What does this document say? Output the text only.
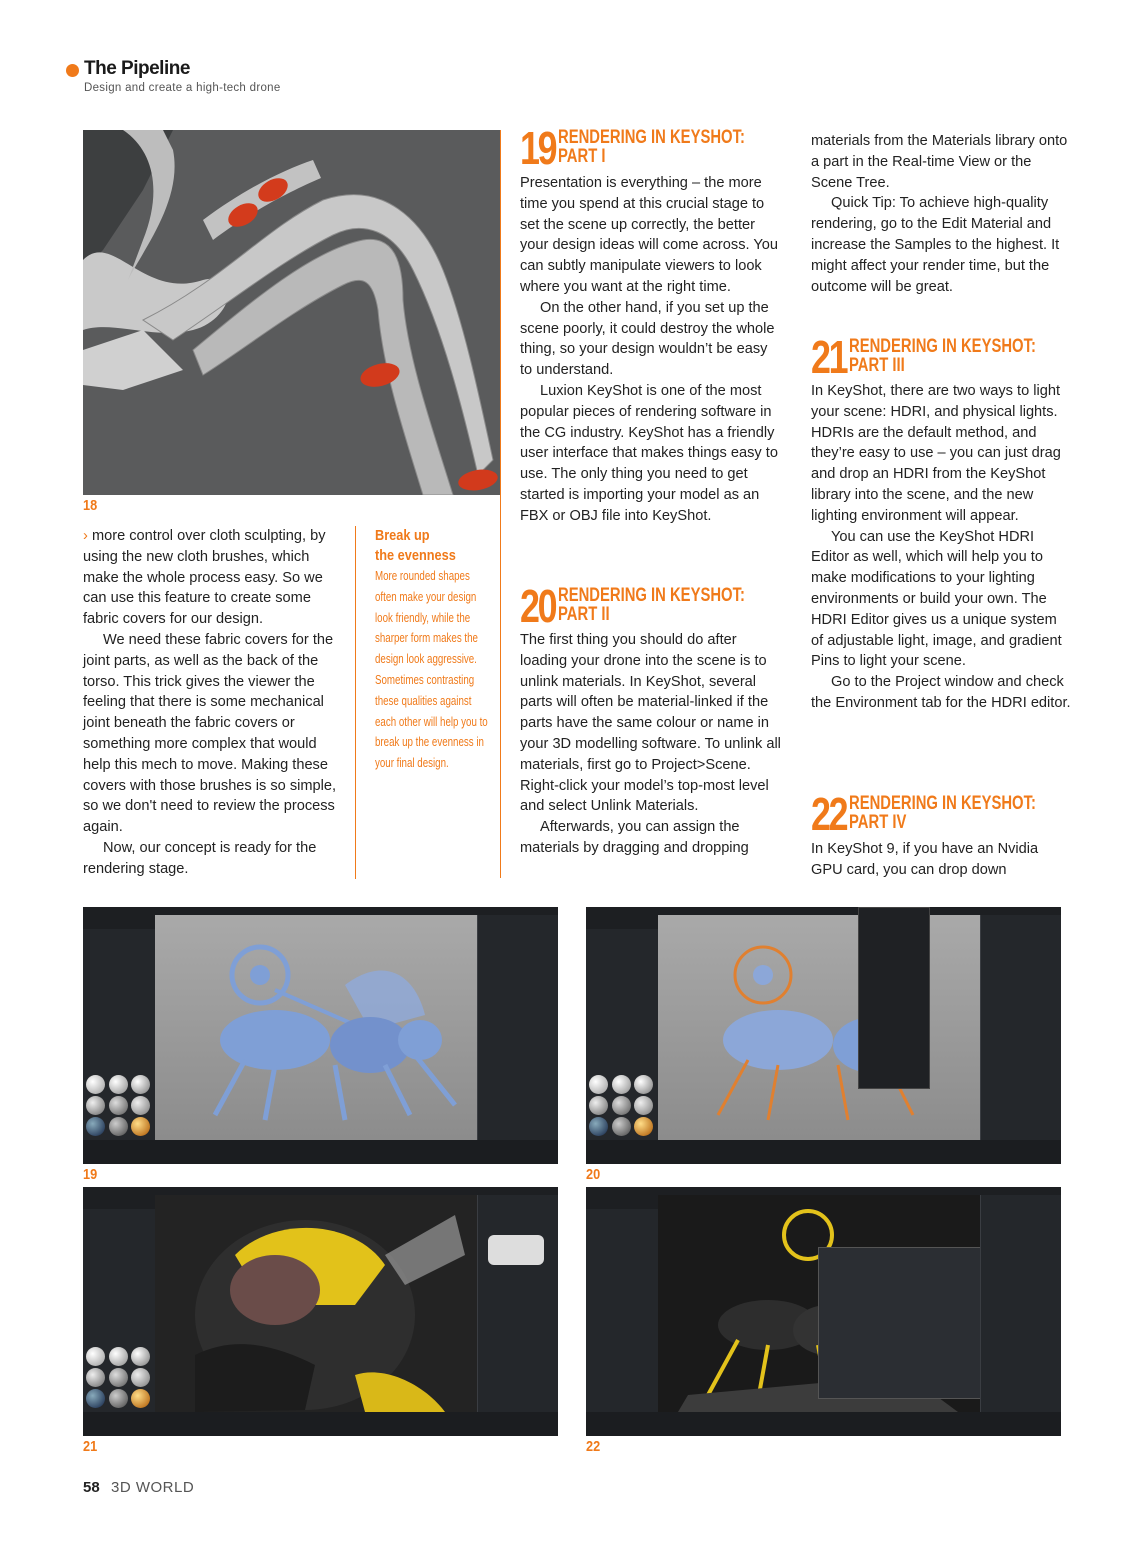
The Pipeline
Design and create a high-tech drone
18

› more control over cloth sculpting, by using the new cloth brushes, which make the whole process easy. So we can use this feature to create some fabric covers for our design.

We need these fabric covers for the joint parts, as well as the back of the torso. This trick gives the viewer the feeling that there is some mechanical joint beneath the fabric covers or something more complex that would help this mech to move. Making these covers with those brushes is so simple, so we don't need to review the process again.

Now, our concept is ready for the rendering stage.

Break up
the evenness
More rounded shapes often make your design look friendly, while the sharper form makes the design look aggressive. Sometimes contrasting these qualities against each other will help you to break up the evenness in your final design.
19 RENDERING IN KEYSHOT:
PART I

Presentation is everything – the more time you spend at this crucial stage to set the scene up correctly, the better your design ideas will come across. You can subtly manipulate viewers to look where you want at the right time.

On the other hand, if you set up the scene poorly, it could destroy the whole thing, so your design wouldn’t be easy to understand.

Luxion KeyShot is one of the most popular pieces of rendering software in the CG industry. KeyShot has a friendly user interface that makes things easy to use. The only thing you need to get started is importing your model as an FBX or OBJ file into KeyShot.

20 RENDERING IN KEYSHOT:
PART II

The first thing you should do after loading your drone into the scene is to unlink materials. In KeyShot, several parts will often be material-linked if the parts have the same colour or name in your 3D modelling software. To unlink all materials, first go to Project>Scene. Right-click your model’s top-most level and select Unlink Materials.

Afterwards, you can assign the materials by dragging and dropping

materials from the Materials library onto a part in the Real-time View or the Scene Tree.

Quick Tip: To achieve high-quality rendering, go to the Edit Material and increase the Samples to the highest. It might affect your render time, but the outcome will be great.

21 RENDERING IN KEYSHOT:
PART III

In KeyShot, there are two ways to light your scene: HDRI, and physical lights. HDRIs are the default method, and they’re easy to use – you can just drag and drop an HDRI from the KeyShot library into the scene, and the new lighting environment will appear.

You can use the KeyShot HDRI Editor as well, which will help you to make modifications to your lighting environments or build your own. The HDRI Editor gives us a unique system of adjustable light, image, and gradient Pins to light your scene.

Go to the Project window and check the Environment tab for the HDRI editor.

22 RENDERING IN KEYSHOT:
PART IV

In KeyShot 9, if you have an Nvidia GPU card, you can drop down

19	20
21	22
58 3D WORLD
